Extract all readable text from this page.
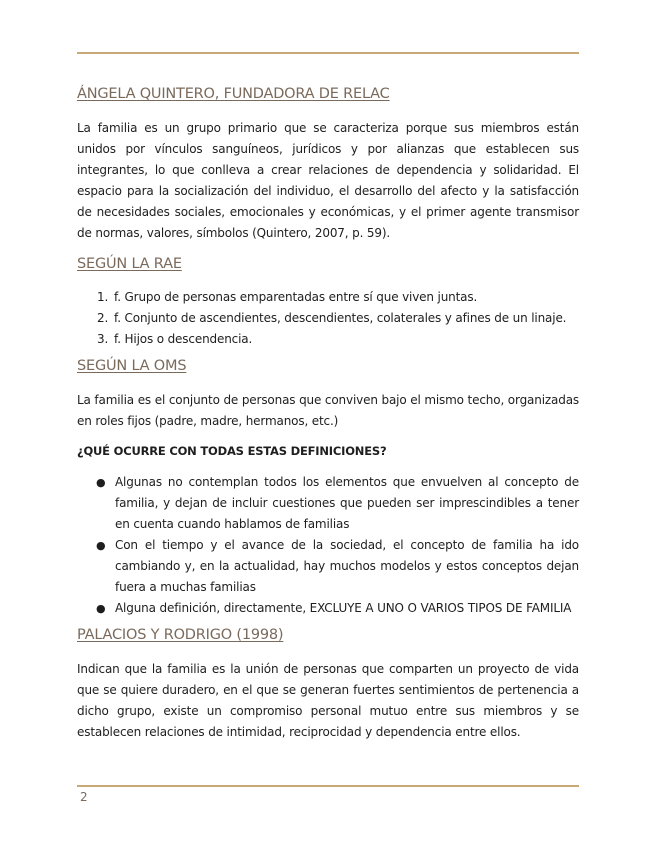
ÁNGELA QUINTERO, FUNDADORA DE RELAC

La familia es un grupo primario que se caracteriza porque sus miembros están unidos por vínculos sanguíneos, jurídicos y por alianzas que establecen sus integrantes, lo que conlleva a crear relaciones de dependencia y solidaridad. El espacio para la socialización del individuo, el desarrollo del afecto y la satisfacción de necesidades sociales, emocionales y económicas, y el primer agente transmisor de normas, valores, símbolos (Quintero, 2007, p. 59).

SEGÚN LA RAE
1. f. Grupo de personas emparentadas entre sí que viven juntas.
2. f. Conjunto de ascendientes, descendientes, colaterales y afines de un linaje.
3. f. Hijos o descendencia.
SEGÚN LA OMS

La familia es el conjunto de personas que conviven bajo el mismo techo, organizadas en roles fijos (padre, madre, hermanos, etc.)

¿QUÉ OCURRE CON TODAS ESTAS DEFINICIONES?
● Algunas no contemplan todos los elementos que envuelven al concepto de familia, y dejan de incluir cuestiones que pueden ser imprescindibles a tener en cuenta cuando hablamos de familias
● Con el tiempo y el avance de la sociedad, el concepto de familia ha ido cambiando y, en la actualidad, hay muchos modelos y estos conceptos dejan fuera a muchas familias
● Alguna definición, directamente, EXCLUYE A UNO O VARIOS TIPOS DE FAMILIA
PALACIOS Y RODRIGO (1998)

Indican que la familia es la unión de personas que comparten un proyecto de vida que se quiere duradero, en el que se generan fuertes sentimientos de pertenencia a dicho grupo, existe un compromiso personal mutuo entre sus miembros y se establecen relaciones de intimidad, reciprocidad y dependencia entre ellos.

2
